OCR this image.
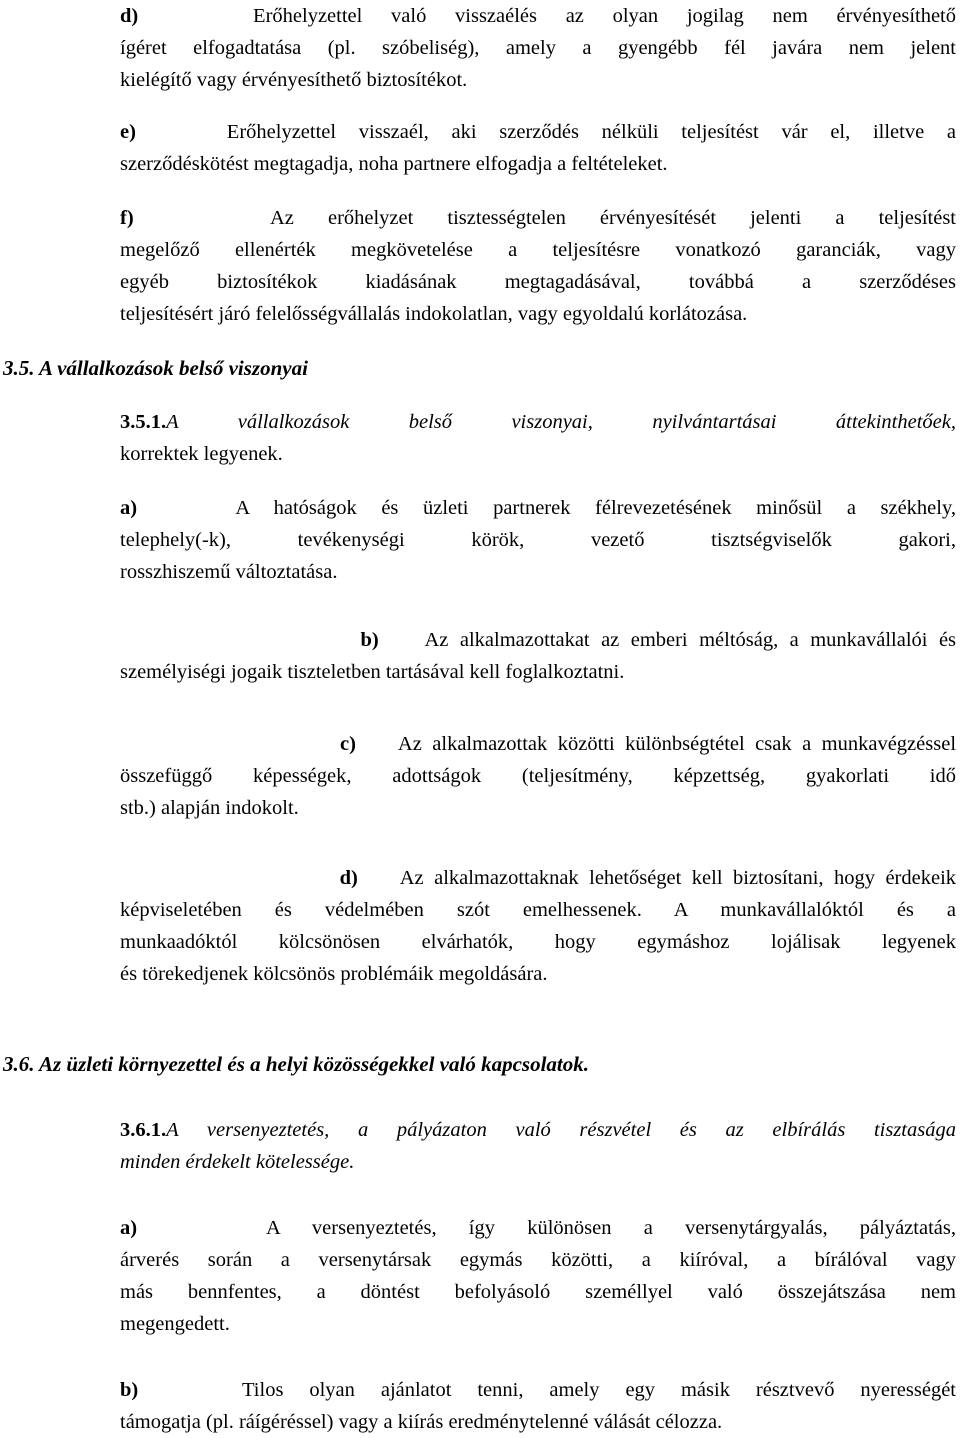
d)	Erőhelyzettel való visszaélés az olyan jogilag nem érvényesíthető
ígéret elfogadtatása (pl. szóbeliség), amely a gyengébb fél javára nem jelent
kielégítő vagy érvényesíthető biztosítékot.
e)	Erőhelyzettel visszaél, aki szerződés nélküli teljesítést vár el, illetve a
szerződéskötést megtagadja, noha partnere elfogadja a feltételeket.
f)	Az erőhelyzet tisztességtelen érvényesítését jelenti a teljesítést
megelőző ellenérték megkövetelése a teljesítésre vonatkozó garanciák, vagy
egyéb biztosítékok kiadásának megtagadásával, továbbá a szerződéses
teljesítésért járó felelősségvállalás indokolatlan, vagy egyoldalú korlátozása.
3.5. A vállalkozások belső viszonyai
3.5.1.A vállalkozások belső viszonyai, nyilvántartásai áttekinthetőek,
korrektek legyenek.
a)	A hatóságok és üzleti partnerek félrevezetésének minősül a székhely,
telephely(-k), tevékenységi körök, vezető tisztségviselők gakori,
rosszhiszemű változtatása.
b) Az alkalmazottakat az emberi méltóság, a munkavállalói és
személyiségi jogaik tiszteletben tartásával kell foglalkoztatni.
c) Az alkalmazottak közötti különbségtétel csak a munkavégzéssel
összefüggő képességek, adottságok (teljesítmény, képzettség, gyakorlati idő
stb.) alapján indokolt.
d) Az alkalmazottaknak lehetőséget kell biztosítani, hogy érdekeik
képviseletében és védelmében szót emelhessenek. A munkavállalóktól és a
munkaadóktól kölcsönösen elvárhatók, hogy egymáshoz lojálisak legyenek
és törekedjenek kölcsönös problémáik megoldására.
3.6. Az üzleti környezettel és a helyi közösségekkel való kapcsolatok.
3.6.1.A versenyeztetés, a pályázaton való részvétel és az elbírálás tisztasága
minden érdekelt kötelessége.
a)	A versenyeztetés, így különösen a versenytárgyalás, pályáztatás,
árverés során a versenytársak egymás közötti, a kiíróval, a bírálóval vagy
más bennfentes, a döntést befolyásoló személlyel való összejátszása nem
megengedett.
b)	Tilos olyan ajánlatot tenni, amely egy másik résztvevő nyerességét
támogatja (pl. ráígéréssel) vagy a kiírás eredménytelenné válását célozza.
